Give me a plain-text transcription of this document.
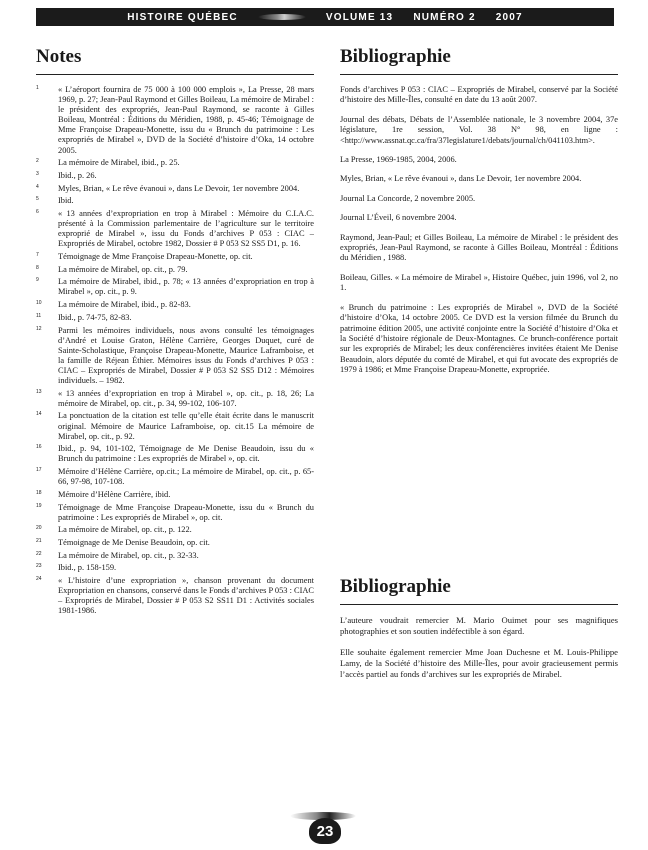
HISTOIRE QUÉBEC	VOLUME 13 NUMÉRO 2 2007
Notes
1 « L’aéroport fournira de 75 000 à 100 000 emplois », La Presse, 28 mars 1969, p. 27; Jean-Paul Raymond et Gilles Boileau, La mémoire de Mirabel : le président des expropriés, Jean-Paul Raymond, se raconte à Gilles Boileau, Montréal : Éditions du Méridien, 1988, p. 45-46; Témoignage de Mme Françoise Drapeau-Monette, issu du « Brunch du patrimoine : Les expropriés de Mirabel », DVD de la Société d’histoire d’Oka, 14 octobre 2005.
2 La mémoire de Mirabel, ibid., p. 25.
3 Ibid., p. 26.
4 Myles, Brian, « Le rêve évanoui », dans Le Devoir, 1er novembre 2004.
5 Ibid.
6 « 13 années d’expropriation en trop à Mirabel : Mémoire du C.I.A.C. présenté à la Commission parlementaire de l’agriculture sur le territoire exproprié de Mirabel », issu du Fonds d’archives P 053 : CIAC – Expropriés de Mirabel, octobre 1982, Dossier # P 053 S2 SS5 D1, p. 16.
7 Témoignage de Mme Françoise Drapeau-Monette, op. cit.
8 La mémoire de Mirabel, op. cit., p. 79.
9 La mémoire de Mirabel, ibid., p. 78; « 13 années d’expropriation en trop à Mirabel », op. cit., p. 9.
10 La mémoire de Mirabel, ibid., p. 82-83.
11 Ibid., p. 74-75, 82-83.
12 Parmi les mémoires individuels, nous avons consulté les témoignages d’André et Louise Graton, Hélène Carrière, Georges Duquet, curé de Sainte-Scholastique, Françoise Drapeau-Monette, Maurice Laframboise, et la famille de Réjean Éthier. Mémoires issus du Fonds d’archives P 053 : CIAC – Expropriés de Mirabel, Dossier # P 053 S2 SS5 D12 : Mémoires individuels. – 1982.
13 « 13 années d’expropriation en trop à Mirabel », op. cit., p. 18, 26; La mémoire de Mirabel, op. cit., p. 34, 99-102, 106-107.
14 La ponctuation de la citation est telle qu’elle était écrite dans le manuscrit original. Mémoire de Maurice Laframboise, op. cit.15 La mémoire de Mirabel, op. cit., p. 92.
16 Ibid., p. 94, 101-102, Témoignage de Me Denise Beaudoin, issu du « Brunch du patrimoine : Les expropriés de Mirabel », op. cit.
17 Mémoire d’Hélène Carrière, op.cit.; La mémoire de Mirabel, op. cit., p. 65-66, 97-98, 107-108.
18 Mémoire d’Hélène Carrière, ibid.
19 Témoignage de Mme Françoise Drapeau-Monette, issu du « Brunch du patrimoine : Les expropriés de Mirabel », op. cit.
20 La mémoire de Mirabel, op. cit., p. 122.
21 Témoignage de Me Denise Beaudoin, op. cit.
22 La mémoire de Mirabel, op. cit., p. 32-33.
23 Ibid., p. 158-159.
24 « L’histoire d’une expropriation », chanson provenant du document Expropriation en chansons, conservé dans le Fonds d’archives P 053 : CIAC – Expropriés de Mirabel, Dossier # P 053 S2 SS11 D1 : Activités sociales 1981-1986.
Bibliographie

Fonds d’archives P 053 : CIAC – Expropriés de Mirabel, conservé par la Société d’histoire des Mille-Îles, consulté en date du 13 août 2007.

Journal des débats, Débats de l’Assemblée nationale, le 3 novembre 2004, 37e législature, 1re session, Vol. 38 N° 98, en ligne : <http://www.assnat.qc.ca/fra/37legislature1/debats/journal/ch/041103.htm>.

La Presse, 1969-1985, 2004, 2006.

Myles, Brian, « Le rêve évanoui », dans Le Devoir, 1er novembre 2004.

Journal La Concorde, 2 novembre 2005.

Journal L’Éveil, 6 novembre 2004.

Raymond, Jean-Paul; et Gilles Boileau, La mémoire de Mirabel : le président des expropriés, Jean-Paul Raymond, se raconte à Gilles Boileau, Montréal : Éditions du Méridien , 1988.

Boileau, Gilles. « La mémoire de Mirabel », Histoire Québec, juin 1996, vol 2, no 1.

« Brunch du patrimoine : Les expropriés de Mirabel », DVD de la Société d’histoire d’Oka, 14 octobre 2005. Ce DVD est la version filmée du Brunch du patrimoine édition 2005, une activité conjointe entre la Société d’histoire d’Oka et la Société d’histoire régionale de Deux-Montagnes. Ce brunch-conférence portait sur les expropriés de Mirabel; les deux conférencières invitées étaient Me Denise Beaudoin, alors députée du comté de Mirabel, et qui fut avocate des expropriés de 1979 à 1986; et Mme Françoise Drapeau-Monette, expropriée.

Bibliographie

L’auteure voudrait remercier M. Mario Ouimet pour ses magnifiques photographies et son soutien indéfectible à son égard.

Elle souhaite également remercier Mme Joan Duchesne et M. Louis-Philippe Lamy, de la Société d’histoire des Mille-Îles, pour avoir gracieusement permis l’accès partiel au fonds d’archives sur les expropriés de Mirabel.

23
